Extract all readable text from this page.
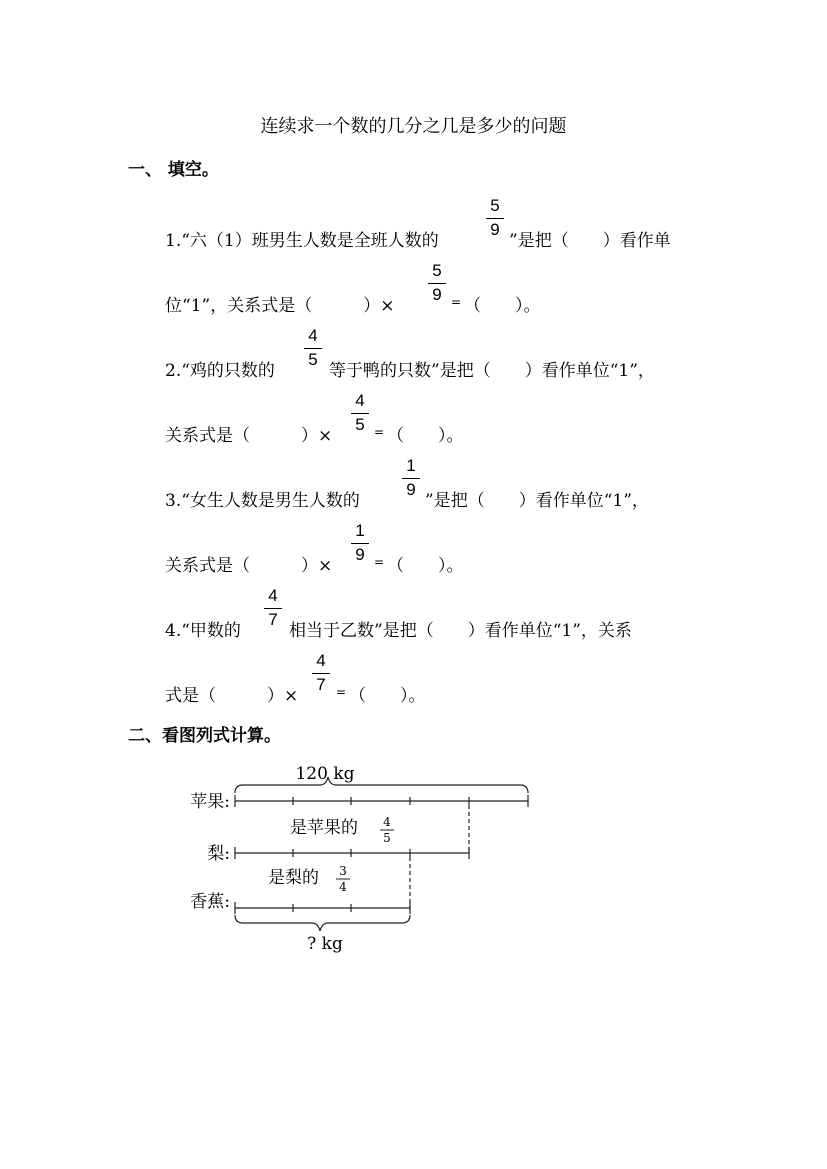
连续求一个数的几分之几是多少的问题
一、 填空。
1.“六（1）班男生人数是全班人数的
5
9
”是把（　　）看作单
位“1”，关系式是（　　　）×
5
9 = （　　）。
2.“鸡的只数的
4
5
等于鸭的只数”是把（　　）看作单位“1”，
关系式是（　　　）×
4
5 = （　　）。
3.“女生人数是男生人数的
1
9
”是把（　　）看作单位“1”，
关系式是（　　　）×
1
9 = （　　）。
4.“甲数的
4
7
相当于乙数”是把（　　）看作单位“1”，关系
式是（　　　）×
4
7 = （　　）。
二、看图列式计算。
120 kg
苹果:
梨:
香蕉:
是苹果的 4
5
是梨的 3
4
? kg
